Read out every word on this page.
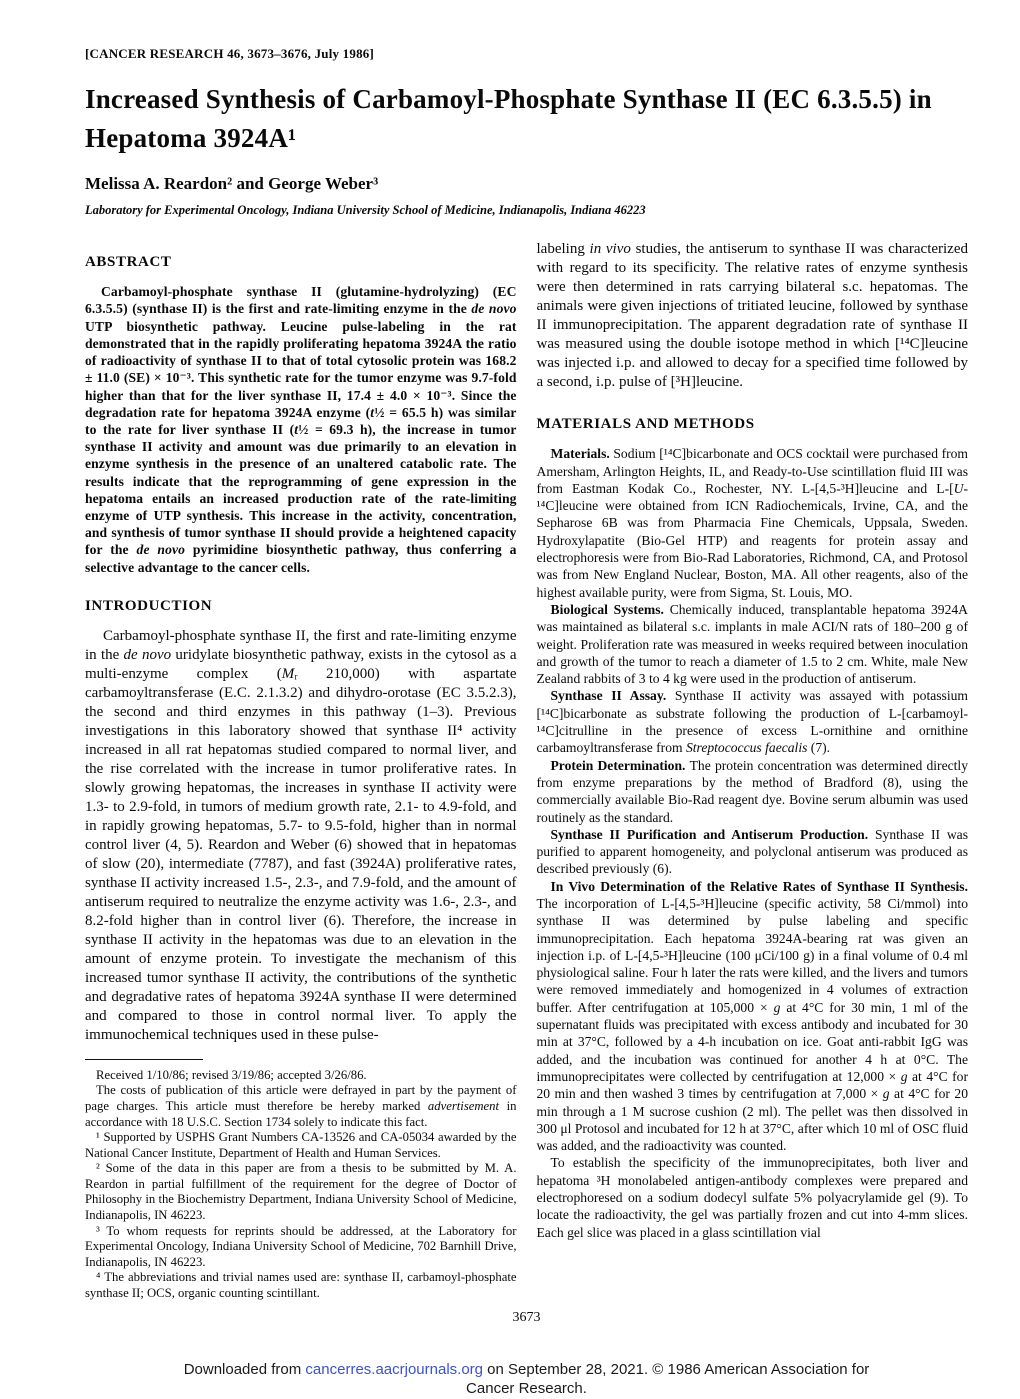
[CANCER RESEARCH 46, 3673–3676, July 1986]
Increased Synthesis of Carbamoyl-Phosphate Synthase II (EC 6.3.5.5) in Hepatoma 3924A¹
Melissa A. Reardon² and George Weber³
Laboratory for Experimental Oncology, Indiana University School of Medicine, Indianapolis, Indiana 46223
ABSTRACT

Carbamoyl-phosphate synthase II (glutamine-hydrolyzing) (EC 6.3.5.5) (synthase II) is the first and rate-limiting enzyme in the de novo UTP biosynthetic pathway. Leucine pulse-labeling in the rat demonstrated that in the rapidly proliferating hepatoma 3924A the ratio of radioactivity of synthase II to that of total cytosolic protein was 168.2 ± 11.0 (SE) × 10⁻³. This synthetic rate for the tumor enzyme was 9.7-fold higher than that for the liver synthase II, 17.4 ± 4.0 × 10⁻³. Since the degradation rate for hepatoma 3924A enzyme (t½ = 65.5 h) was similar to the rate for liver synthase II (t½ = 69.3 h), the increase in tumor synthase II activity and amount was due primarily to an elevation in enzyme synthesis in the presence of an unaltered catabolic rate. The results indicate that the reprogramming of gene expression in the hepatoma entails an increased production rate of the rate-limiting enzyme of UTP synthesis. This increase in the activity, concentration, and synthesis of tumor synthase II should provide a heightened capacity for the de novo pyrimidine biosynthetic pathway, thus conferring a selective advantage to the cancer cells.

INTRODUCTION

Carbamoyl-phosphate synthase II, the first and rate-limiting enzyme in the de novo uridylate biosynthetic pathway, exists in the cytosol as a multi-enzyme complex (Mᵣ 210,000) with aspartate carbamoyltransferase (E.C. 2.1.3.2) and dihydro-orotase (EC 3.5.2.3), the second and third enzymes in this pathway (1–3). Previous investigations in this laboratory showed that synthase II⁴ activity increased in all rat hepatomas studied compared to normal liver, and the rise correlated with the increase in tumor proliferative rates. In slowly growing hepatomas, the increases in synthase II activity were 1.3- to 2.9-fold, in tumors of medium growth rate, 2.1- to 4.9-fold, and in rapidly growing hepatomas, 5.7- to 9.5-fold, higher than in normal control liver (4, 5). Reardon and Weber (6) showed that in hepatomas of slow (20), intermediate (7787), and fast (3924A) proliferative rates, synthase II activity increased 1.5-, 2.3-, and 7.9-fold, and the amount of antiserum required to neutralize the enzyme activity was 1.6-, 2.3-, and 8.2-fold higher than in control liver (6). Therefore, the increase in synthase II activity in the hepatomas was due to an elevation in the amount of enzyme protein. To investigate the mechanism of this increased tumor synthase II activity, the contributions of the synthetic and degradative rates of hepatoma 3924A synthase II were determined and compared to those in control normal liver. To apply the immunochemical techniques used in these pulse-

Received 1/10/86; revised 3/19/86; accepted 3/26/86.

The costs of publication of this article were defrayed in part by the payment of page charges. This article must therefore be hereby marked advertisement in accordance with 18 U.S.C. Section 1734 solely to indicate this fact.

¹ Supported by USPHS Grant Numbers CA-13526 and CA-05034 awarded by the National Cancer Institute, Department of Health and Human Services.

² Some of the data in this paper are from a thesis to be submitted by M. A. Reardon in partial fulfillment of the requirement for the degree of Doctor of Philosophy in the Biochemistry Department, Indiana University School of Medicine, Indianapolis, IN 46223.

³ To whom requests for reprints should be addressed, at the Laboratory for Experimental Oncology, Indiana University School of Medicine, 702 Barnhill Drive, Indianapolis, IN 46223.

⁴ The abbreviations and trivial names used are: synthase II, carbamoyl-phosphate synthase II; OCS, organic counting scintillant.

labeling in vivo studies, the antiserum to synthase II was characterized with regard to its specificity. The relative rates of enzyme synthesis were then determined in rats carrying bilateral s.c. hepatomas. The animals were given injections of tritiated leucine, followed by synthase II immunoprecipitation. The apparent degradation rate of synthase II was measured using the double isotope method in which [¹⁴C]leucine was injected i.p. and allowed to decay for a specified time followed by a second, i.p. pulse of [³H]leucine.

MATERIALS AND METHODS

Materials. Sodium [¹⁴C]bicarbonate and OCS cocktail were purchased from Amersham, Arlington Heights, IL, and Ready-to-Use scintillation fluid III was from Eastman Kodak Co., Rochester, NY. L-[4,5-³H]leucine and L-[U-¹⁴C]leucine were obtained from ICN Radiochemicals, Irvine, CA, and the Sepharose 6B was from Pharmacia Fine Chemicals, Uppsala, Sweden. Hydroxylapatite (Bio-Gel HTP) and reagents for protein assay and electrophoresis were from Bio-Rad Laboratories, Richmond, CA, and Protosol was from New England Nuclear, Boston, MA. All other reagents, also of the highest available purity, were from Sigma, St. Louis, MO.

Biological Systems. Chemically induced, transplantable hepatoma 3924A was maintained as bilateral s.c. implants in male ACI/N rats of 180–200 g of weight. Proliferation rate was measured in weeks required between inoculation and growth of the tumor to reach a diameter of 1.5 to 2 cm. White, male New Zealand rabbits of 3 to 4 kg were used in the production of antiserum.

Synthase II Assay. Synthase II activity was assayed with potassium [¹⁴C]bicarbonate as substrate following the production of L-[carbamoyl-¹⁴C]citrulline in the presence of excess L-ornithine and ornithine carbamoyltransferase from Streptococcus faecalis (7).

Protein Determination. The protein concentration was determined directly from enzyme preparations by the method of Bradford (8), using the commercially available Bio-Rad reagent dye. Bovine serum albumin was used routinely as the standard.

Synthase II Purification and Antiserum Production. Synthase II was purified to apparent homogeneity, and polyclonal antiserum was produced as described previously (6).

In Vivo Determination of the Relative Rates of Synthase II Synthesis. The incorporation of L-[4,5-³H]leucine (specific activity, 58 Ci/mmol) into synthase II was determined by pulse labeling and specific immunoprecipitation. Each hepatoma 3924A-bearing rat was given an injection i.p. of L-[4,5-³H]leucine (100 μCi/100 g) in a final volume of 0.4 ml physiological saline. Four h later the rats were killed, and the livers and tumors were removed immediately and homogenized in 4 volumes of extraction buffer. After centrifugation at 105,000 × g at 4°C for 30 min, 1 ml of the supernatant fluids was precipitated with excess antibody and incubated for 30 min at 37°C, followed by a 4-h incubation on ice. Goat anti-rabbit IgG was added, and the incubation was continued for another 4 h at 0°C. The immunoprecipitates were collected by centrifugation at 12,000 × g at 4°C for 20 min and then washed 3 times by centrifugation at 7,000 × g at 4°C for 20 min through a 1 M sucrose cushion (2 ml). The pellet was then dissolved in 300 μl Protosol and incubated for 12 h at 37°C, after which 10 ml of OSC fluid was added, and the radioactivity was counted.

To establish the specificity of the immunoprecipitates, both liver and hepatoma ³H monolabeled antigen-antibody complexes were prepared and electrophoresed on a sodium dodecyl sulfate 5% polyacrylamide gel (9). To locate the radioactivity, the gel was partially frozen and cut into 4-mm slices. Each gel slice was placed in a glass scintillation vial

3673
Downloaded from cancerres.aacrjournals.org on September 28, 2021. © 1986 American Association for Cancer Research.
